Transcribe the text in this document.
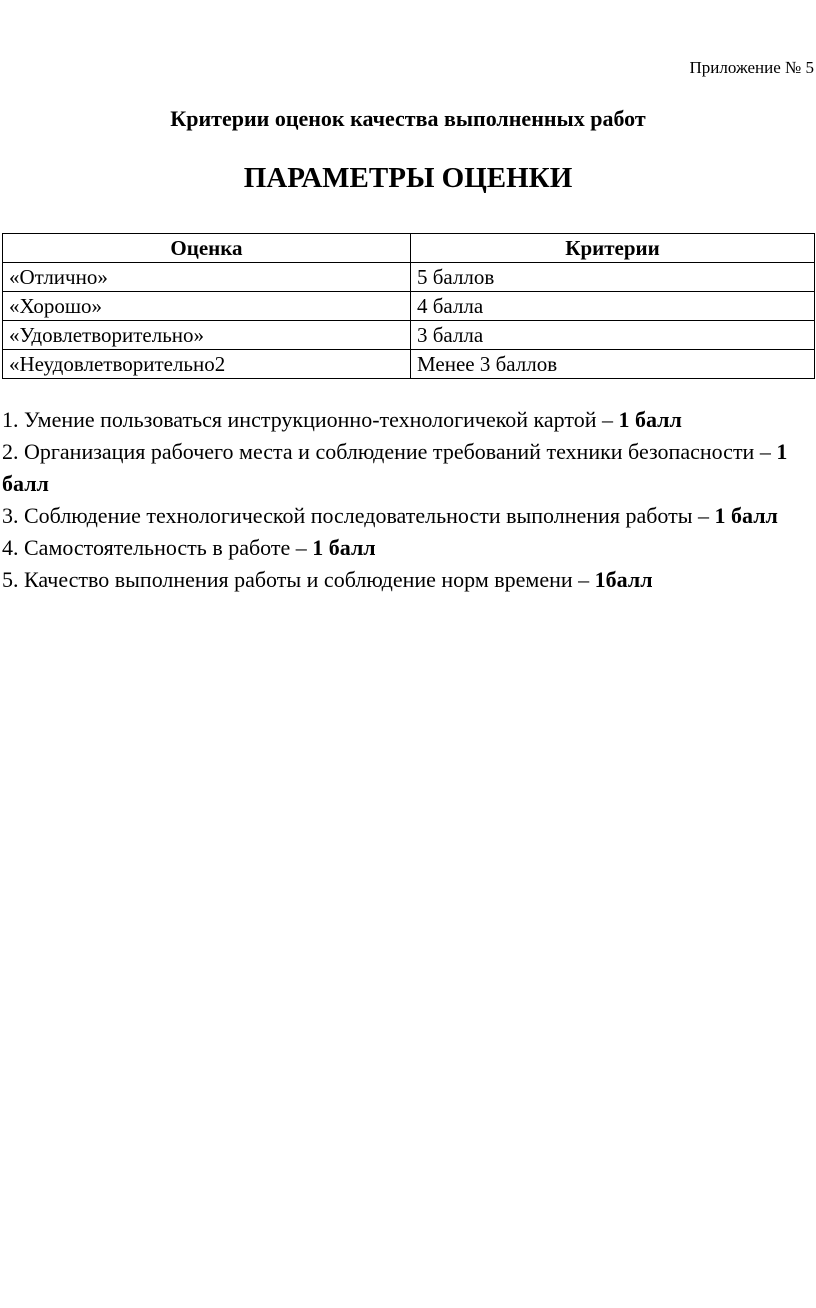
Приложение № 5
Критерии оценок качества выполненных работ
ПАРАМЕТРЫ ОЦЕНКИ
Оценка	Критерии
«Отлично»	5 баллов
«Хорошо»	4 балла
«Удовлетворительно»	3 балла
«Неудовлетворительно2	Менее 3 баллов
1. Умение пользоваться инструкционно-технологичекой картой – 1 балл
2. Организация рабочего места и соблюдение требований техники безопасности – 1 балл
3. Соблюдение технологической последовательности выполнения работы – 1 балл
4. Самостоятельность в работе – 1 балл
5. Качество выполнения работы и соблюдение норм времени – 1балл
